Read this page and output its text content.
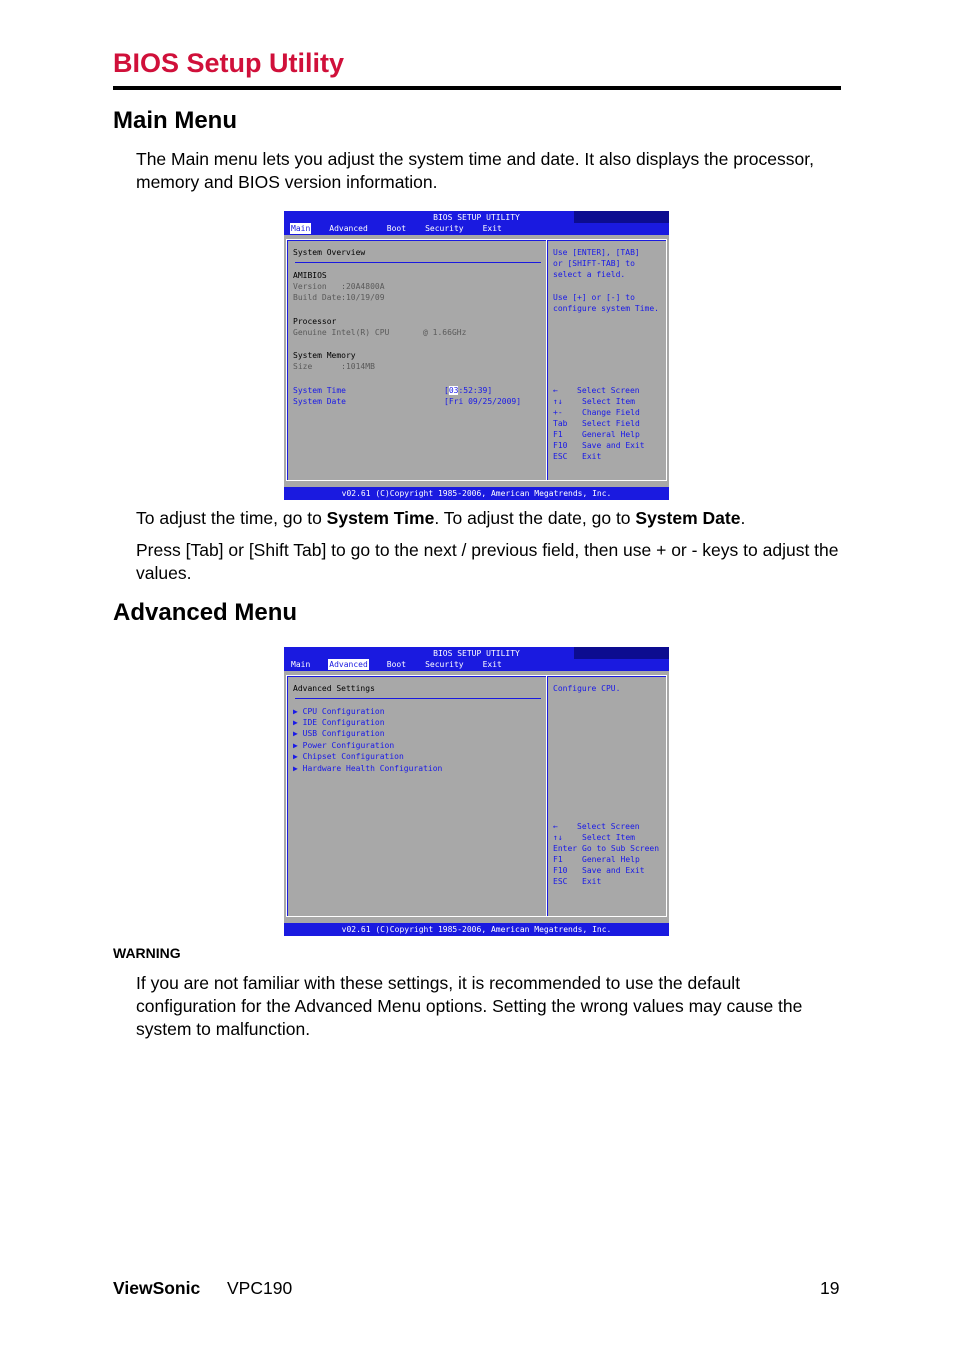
BIOS Setup Utility
Main Menu

The Main menu lets you adjust the system time and date. It also displays the processor, memory and BIOS version information.

BIOS SETUP UTILITY
Main Advanced Boot Security Exit
System Overview
AMIBIOS
Version   :20A4800A
Build Date:10/19/09
Processor
Genuine Intel(R) CPU       @ 1.66GHz
System Memory
Size      :1014MB
System Time	[03:52:39]
System Date	[Fri 09/25/2009]
Use [ENTER], [TAB]
or [SHIFT-TAB] to
select a field.
Use [+] or [-] to
configure system Time.
← Select Screen
↑↓ Select Item
+- Change Field
Tab Select Field
F1 General Help
F10 Save and Exit
ESC Exit
v02.61 (C)Copyright 1985-2006, American Megatrends, Inc.

To adjust the time, go to System Time. To adjust the date, go to System Date.

Press [Tab] or [Shift Tab] to go to the next / previous field, then use + or - keys to adjust the values.

Advanced Menu
BIOS SETUP UTILITY
Main Advanced Boot Security Exit
Advanced Settings
▶ CPU Configuration
▶ IDE Configuration
▶ USB Configuration
▶ Power Configuration
▶ Chipset Configuration
▶ Hardware Health Configuration
Configure CPU.
← Select Screen
↑↓ Select Item
Enter Go to Sub Screen
F1 General Help
F10 Save and Exit
ESC Exit
v02.61 (C)Copyright 1985-2006, American Megatrends, Inc.
WARNING

If you are not familiar with these settings, it is recommended to use the default configuration for the Advanced Menu options. Setting the wrong values may cause the system to malfunction.

ViewSonic VPC190	19
